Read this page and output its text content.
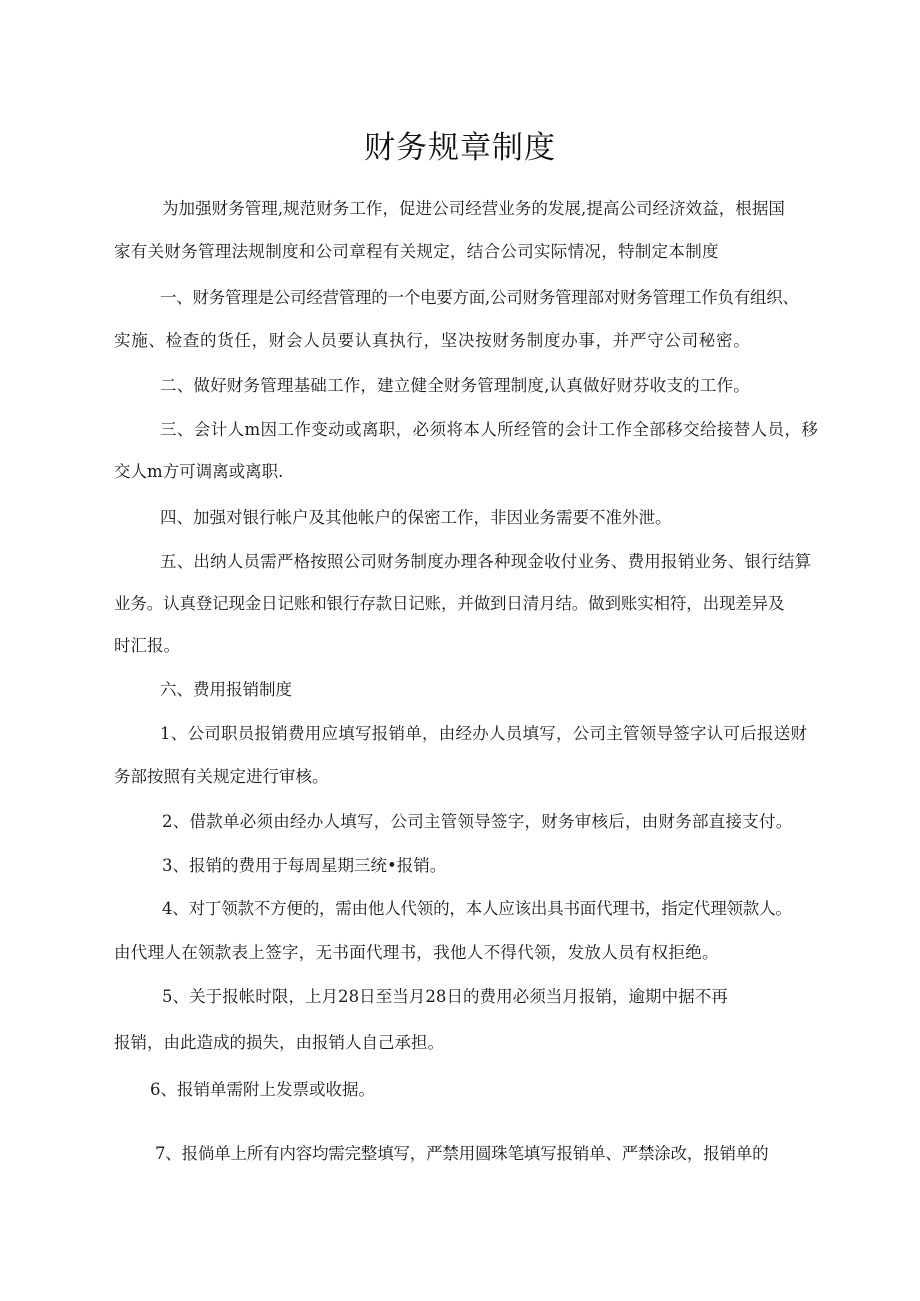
财务规章制度
为加强财务管理,规范财务工作，促进公司经营业务的发展,提高公司经济效益，根据国
家有关财务管理法规制度和公司章程有关规定，结合公司实际情况，特制定本制度
一、财务管理是公司经营管理的一个电要方面,公司财务管理部对财务管理工作负有组织、
实施、检查的货任，财会人员要认真执行，坚决按财务制度办事，并严守公司秘密。
二、做好财务管理基础工作，建立健全财务管理制度,认真做好财芬收支的工作。
三、会计人m因工作变动或离职，必须将本人所经管的会计工作全部移交给接替人员，移
交人m方可调离或离职.
四、加强对银行帐户及其他帐户的保密工作，非因业务需要不准外泄。
五、出纳人员需严格按照公司财务制度办理各种现金收付业务、费用报销业务、银行结算
业务。认真登记现金日记账和银行存款日记账，并做到日清月结。做到账实相符，出现差异及
时汇报。
六、费用报销制度
1、公司职员报销费用应填写报销单，由经办人员填写，公司主管领导签字认可后报送财
务部按照有关规定进行审核。
2、借款单必须由经办人填写，公司主管领导签字，财务审核后，由财务部直接支付。
3、报销的费用于每周星期三统•报销。
4、对丁领款不方便的，需由他人代领的，本人应该出具书面代理书，指定代理领款人。
由代理人在领款表上签字，无书面代理书，我他人不得代领，发放人员有权拒绝。
5、关于报帐时限，上月28日至当月28日的费用必须当月报销，逾期中据不再
报销，由此造成的损失，由报销人自己承担。
6、报销单需附上发票或收据。
7、报倘单上所有内容均需完整填写，严禁用圆珠笔填写报销单、严禁涂改，报销单的
